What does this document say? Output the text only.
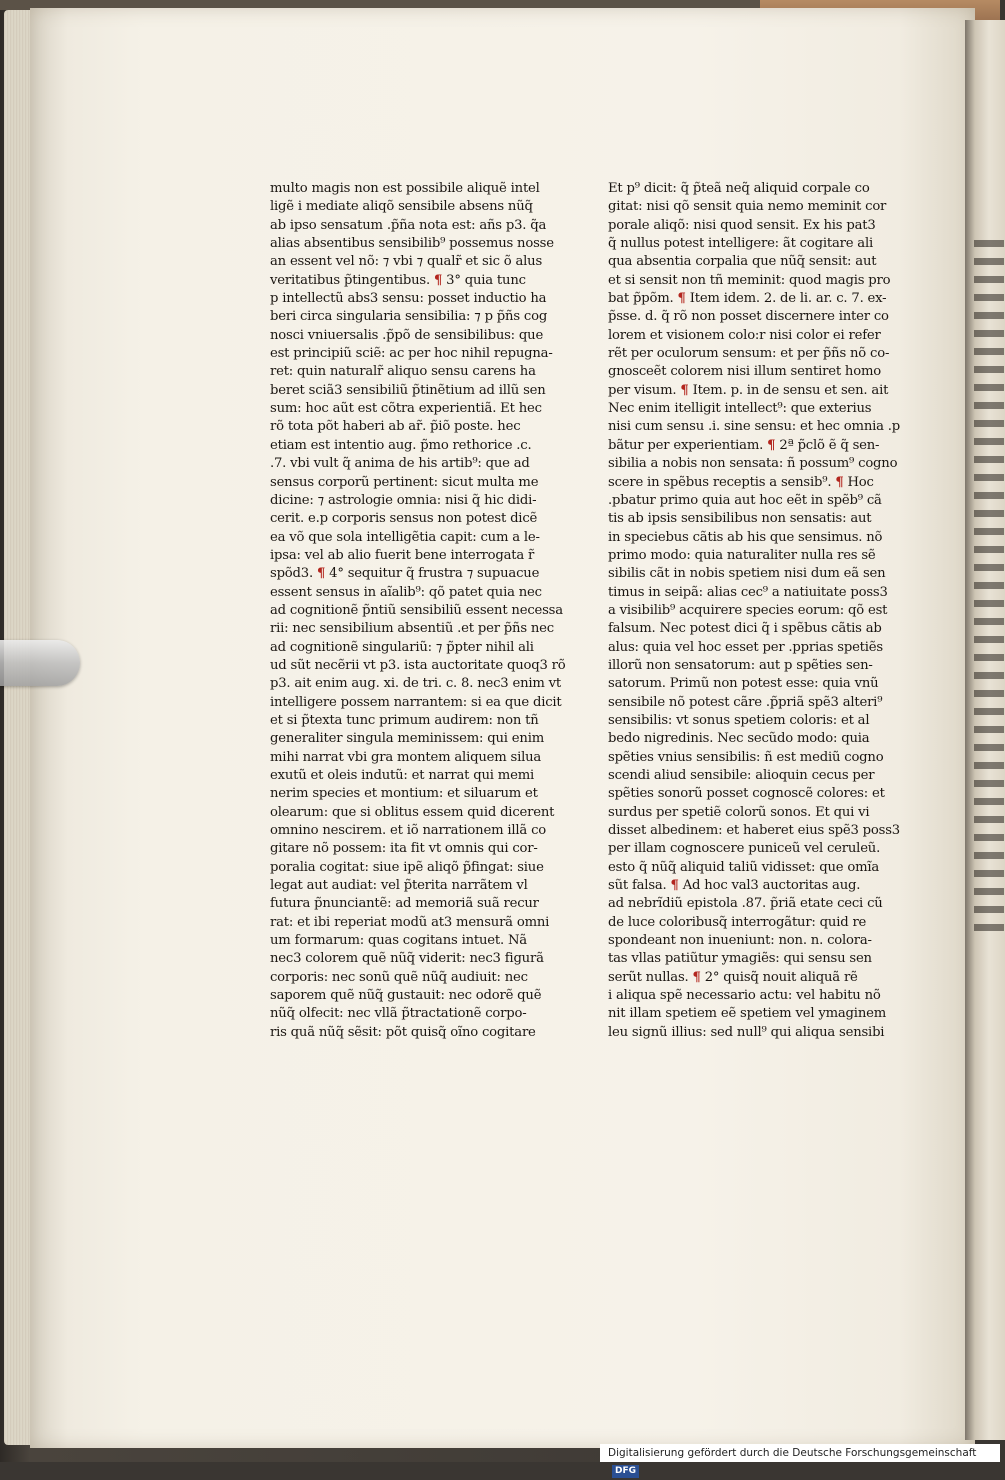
multo magis non est possibile aliquẽ intel
ligẽ i mediate aliqõ sensibile absens nũq̃
ab ipso sensatum .p̃ña nota est: añs p3. q̃a
alias absentibus sensibilib⁹ possemus nosse
an essent vel nõ: ⁊ vbi ⁊ qualr̃ et sic õ alus
veritatibus p̃tingentibus. ¶ 3° quia tunc
p intellectũ abs3 sensu: posset inductio ha
beri circa singularia sensibilia: ⁊ p p̃ñs cog
nosci vniuersalis .p̃põ de sensibilibus: que
est principiũ sciẽ: ac per hoc nihil repugna-
ret: quin naturalr̃ aliquo sensu carens ha
beret sciã3 sensibiliũ p̃tinẽtium ad illũ sen
sum: hoc aũt est cõtra experientiã. Et hec
rõ tota põt haberi ab ar̃. p̃iõ poste. hec
etiam est intentio aug. p̃mo rethorice .c.
.7. vbi vult q̃ anima de his artib⁹: que ad
sensus corporũ pertinent: sicut multa me
dicine: ⁊ astrologie omnia: nisi q̃ hic didi-
cerit. e.p corporis sensus non potest dicẽ
ea võ que sola intelligẽtia capit: cum a le-
ipsa: vel ab alio fuerit bene interrogata r̃
spõd3. ¶ 4° sequitur q̃ frustra ⁊ supuacue
essent sensus in aĩalib⁹: qõ patet quia nec
ad cognitionẽ p̃ntiũ sensibiliũ essent necessa
rii: nec sensibilium absentiũ .et per p̃ñs nec
ad cognitionẽ singulariũ: ⁊ p̃pter nihil ali
ud sũt necẽrii vt p3. ista auctoritate quoq3 rõ
p3. ait enim aug. xi. de tri. c. 8. nec3 enim vt
intelligere possem narrantem: si ea que dicit
et si p̃texta tunc primum audirem: non tñ
generaliter singula meminissem: qui enim
mihi narrat vbi gra montem aliquem silua
exutũ et oleis indutũ: et narrat qui memi
nerim species et montium: et siluarum et
olearum: que si oblitus essem quid dicerent
omnino nescirem. et iõ narrationem illã co
gitare nõ possem: ita fit vt omnis qui cor-
poralia cogitat: siue ipẽ aliqõ p̃fingat: siue
legat aut audiat: vel p̃terita narrãtem vl
futura p̃nunciantẽ: ad memoriã suã recur
rat: et ibi reperiat modũ at3 mensurã omni
um formarum: quas cogitans intuet. Nã
nec3 colorem quẽ nũq̃ viderit: nec3 figurã
corporis: nec sonũ quẽ nũq̃ audiuit: nec
saporem quẽ nũq̃ gustauit: nec odorẽ quẽ
nũq̃ olfecit: nec vllã p̃tractationẽ corpo-
ris quã nũq̃ sẽsit: põt quisq̃ oĩno cogitare
Et p⁹ dicit: q̃ p̃teã neq̃ aliquid corpale co
gitat: nisi qõ sensit quia nemo meminit cor
porale aliqõ: nisi quod sensit. Ex his pat3
q̃ nullus potest intelligere: ãt cogitare ali
qua absentia corpalia que nũq̃ sensit: aut
et si sensit non tñ meminit: quod magis pro
bat p̃põm. ¶ Item idem. 2. de li. ar. c. 7. ex-
p̃sse. d. q̃ rõ non posset discernere inter co
lorem et visionem colo:r nisi color ei refer
rẽt per oculorum sensum: et per p̃ñs nõ co-
gnosceẽt colorem nisi illum sentiret homo
per visum. ¶ Item. p. in de sensu et sen. ait
Nec enim itelligit intellect⁹: que exterius
nisi cum sensu .i. sine sensu: et hec omnia .p
bãtur per experientiam. ¶ 2ª p̃clõ ẽ q̃ sen-
sibilia a nobis non sensata: ñ possum⁹ cogno
scere in spẽbus receptis a sensib⁹. ¶ Hoc
.pbatur primo quia aut hoc eẽt in spẽb⁹ cã
tis ab ipsis sensibilibus non sensatis: aut
in speciebus cãtis ab his que sensimus. nõ
primo modo: quia naturaliter nulla res sẽ
sibilis cãt in nobis spetiem nisi dum eã sen
timus in seipã: alias cec⁹ a natiuitate poss3
a visibilib⁹ acquirere species eorum: qõ est
falsum. Nec potest dici q̃ i spẽbus cãtis ab
alus: quia vel hoc esset per .pprias spetiẽs
illorũ non sensatorum: aut p spẽties sen-
satorum. Primũ non potest esse: quia vnũ
sensibile nõ potest cãre .p̃priã spẽ3 alteri⁹
sensibilis: vt sonus spetiem coloris: et al
bedo nigredinis. Nec secũdo modo: quia
spẽties vnius sensibilis: ñ est mediũ cogno
scendi aliud sensibile: alioquin cecus per
spẽties sonorũ posset cognoscẽ colores: et
surdus per spetiẽ colorũ sonos. Et qui vi
disset albedinem: et haberet eius spẽ3 poss3
per illam cognoscere puniceũ vel ceruleũ.
esto q̃ nũq̃ aliquid taliũ vidisset: que omĩa
sũt falsa. ¶ Ad hoc val3 auctoritas aug.
ad nebrĩdiũ epistola .87. p̃riã etate ceci cũ
de luce coloribusq̃ interrogãtur: quid re
spondeant non inueniunt: non. n. colora-
tas vllas patiũtur ymagiẽs: qui sensu sen
serũt nullas. ¶ 2° quisq̃ nouit aliquã rẽ
i aliqua spẽ necessario actu: vel habitu nõ
nit illam spetiem eẽ spetiem vel ymaginem
leu signũ illius: sed null⁹ qui aliqua sensibi
Digitalisierung gefördert durch die Deutsche Forschungsgemeinschaft DFG
